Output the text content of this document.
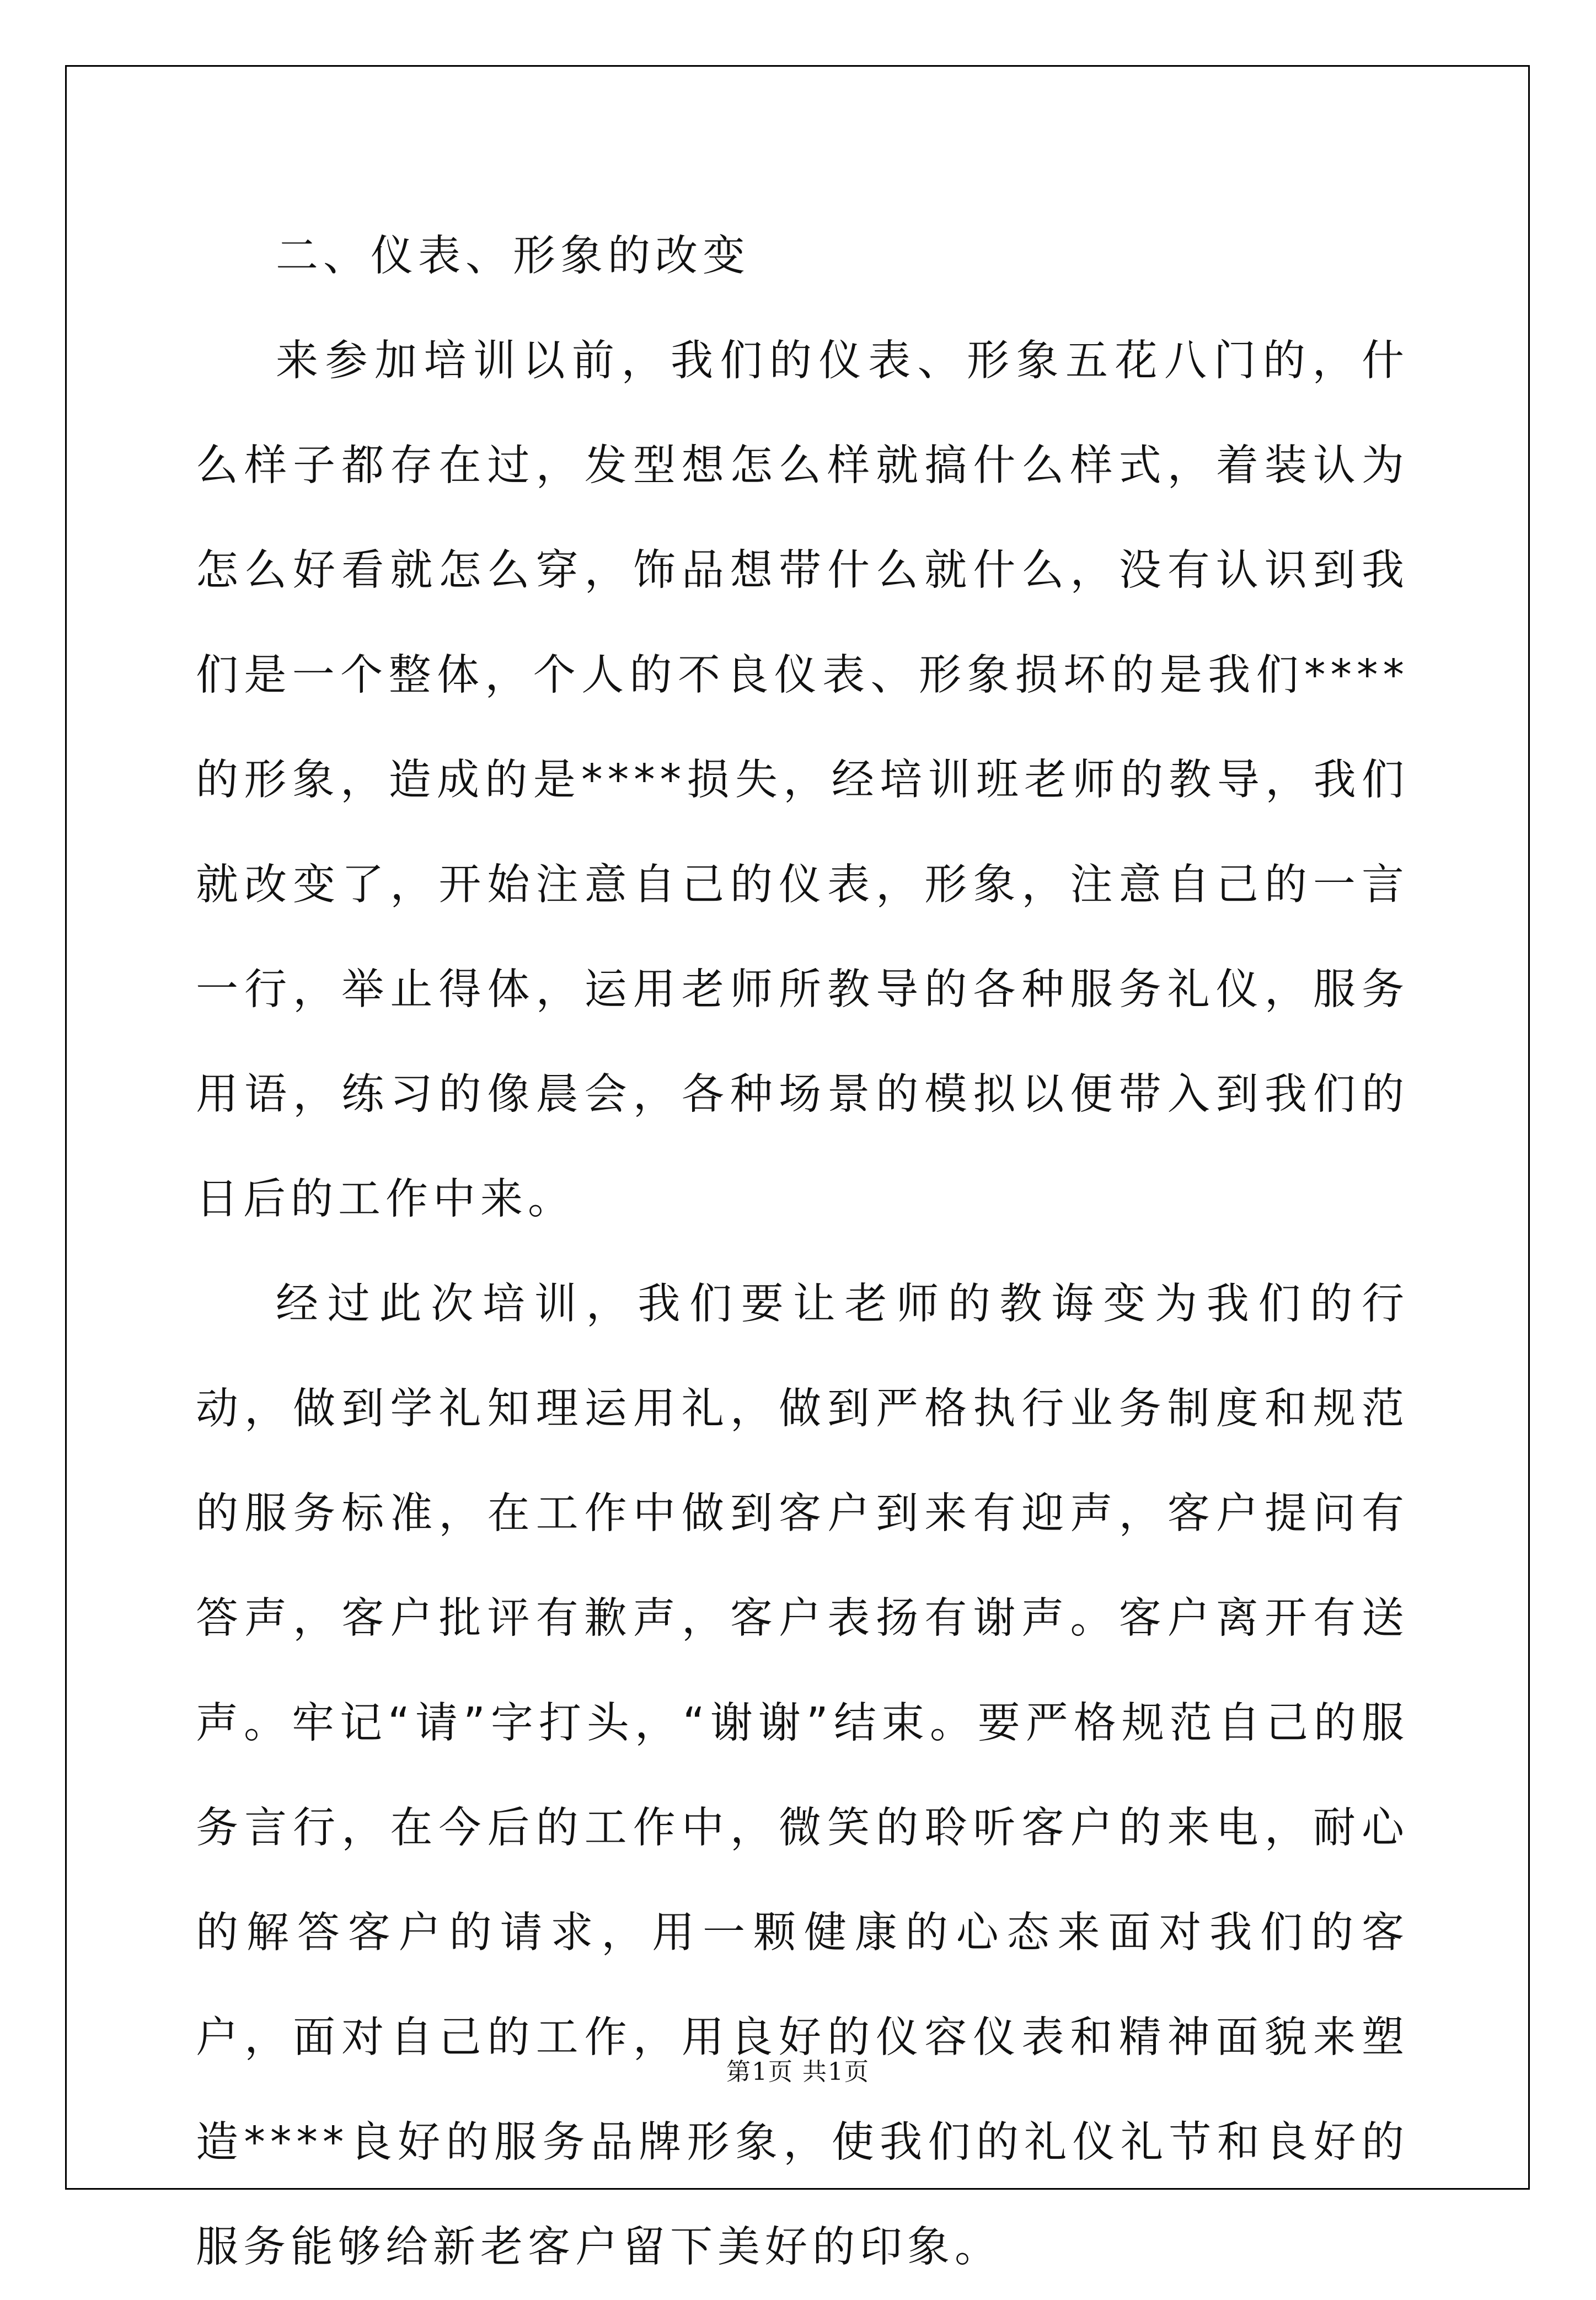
二、仪表、形象的改变

来参加培训以前，我们的仪表、形象五花八门的，什么样子都存在过，发型想怎么样就搞什么样式，着装认为怎么好看就怎么穿，饰品想带什么就什么，没有认识到我们是一个整体，个人的不良仪表、形象损坏的是我们****的形象，造成的是****损失，经培训班老师的教导，我们就改变了，开始注意自己的仪表，形象，注意自己的一言一行，举止得体，运用老师所教导的各种服务礼仪，服务用语，练习的像晨会，各种场景的模拟以便带入到我们的日后的工作中来。

经过此次培训，我们要让老师的教诲变为我们的行动，做到学礼知理运用礼，做到严格执行业务制度和规范的服务标准，在工作中做到客户到来有迎声，客户提问有答声，客户批评有歉声，客户表扬有谢声。客户离开有送声。牢记“请”字打头，“谢谢”结束。要严格规范自己的服务言行，在今后的工作中，微笑的聆听客户的来电，耐心的解答客户的请求，用一颗健康的心态来面对我们的客户，面对自己的工作，用良好的仪容仪表和精神面貌来塑造****良好的服务品牌形象，使我们的礼仪礼节和良好的服务能够给新老客户留下美好的印象。

第1页 共1页
